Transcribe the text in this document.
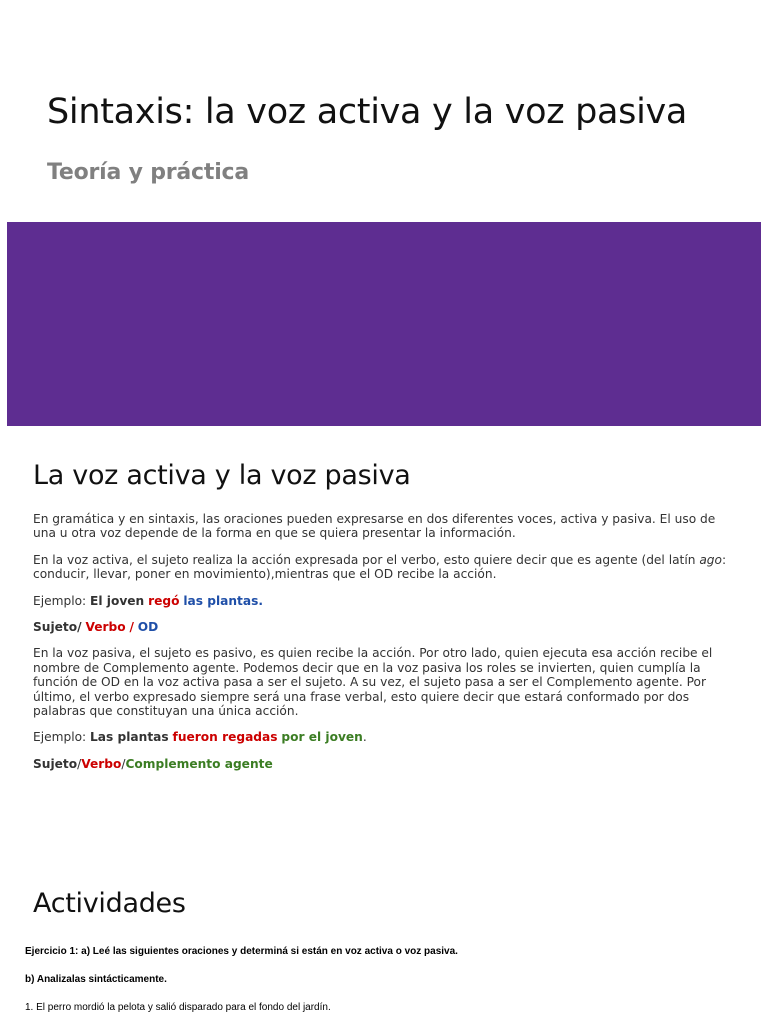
Sintaxis: la voz activa y la voz pasiva
Teoría y práctica
La voz activa y la voz pasiva

En gramática y en sintaxis, las oraciones pueden expresarse en dos diferentes voces, activa y pasiva. El uso de una u otra voz depende de la forma en que se quiera presentar la información.

En la voz activa, el sujeto realiza la acción expresada por el verbo, esto quiere decir que es agente (del latín ago: conducir, llevar, poner en movimiento),mientras que el OD recibe la acción.

Ejemplo: El joven regó las plantas.

Sujeto/ Verbo / OD

En la voz pasiva, el sujeto es pasivo, es quien recibe la acción. Por otro lado, quien ejecuta esa acción recibe el nombre de Complemento agente. Podemos decir que en la voz pasiva los roles se invierten, quien cumplía la función de OD en la voz activa pasa a ser el sujeto. A su vez, el sujeto pasa a ser el Complemento agente. Por último, el verbo expresado siempre será una frase verbal, esto quiere decir que estará conformado por dos palabras que constituyan una única acción.

Ejemplo: Las plantas fueron regadas por el joven.

Sujeto/Verbo/Complemento agente

Actividades

Ejercicio 1: a) Leé las siguientes oraciones y determiná si están en voz activa o voz pasiva.

b) Analizalas sintácticamente.

1. El perro mordió la pelota y salió disparado para el fondo del jardín.
